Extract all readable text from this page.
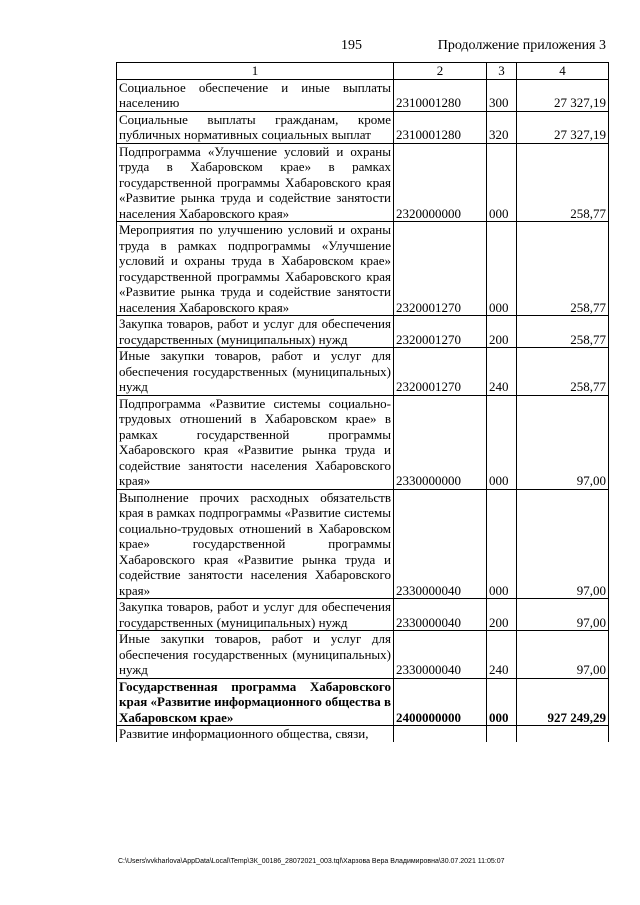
195	Продолжение приложения 3
1	2	3	4
Социальное обеспечение и иные выплаты населению	2310001280	300	27 327,19
Социальные выплаты гражданам, кроме публичных нормативных социальных выплат	2310001280	320	27 327,19
Подпрограмма «Улучшение условий и охраны труда в Хабаровском крае» в рамках государственной программы Хабаровского края «Развитие рынка труда и содействие занятости населения Хабаровского края»	2320000000	000	258,77
Мероприятия по улучшению условий и охраны труда в рамках подпрограммы «Улучшение условий и охраны труда в Хабаровском крае» государственной программы Хабаровского края «Развитие рынка труда и содействие занятости населения Хабаровского края»	2320001270	000	258,77
Закупка товаров, работ и услуг для обеспечения государственных (муниципальных) нужд	2320001270	200	258,77
Иные закупки товаров, работ и услуг для обеспечения государственных (муниципальных) нужд	2320001270	240	258,77
Подпрограмма «Развитие системы социально-трудовых отношений в Хабаровском крае» в рамках государственной программы Хабаровского края «Развитие рынка труда и содействие занятости населения Хабаровского края»	2330000000	000	97,00
Выполнение прочих расходных обязательств края в рамках подпрограммы «Развитие системы социально-трудовых отношений в Хабаровском крае» государственной программы Хабаровского края «Развитие рынка труда и содействие занятости населения Хабаровского края»	2330000040	000	97,00
Закупка товаров, работ и услуг для обеспечения государственных (муниципальных) нужд	2330000040	200	97,00
Иные закупки товаров, работ и услуг для обеспечения государственных (муниципальных) нужд	2330000040	240	97,00
Государственная программа Хабаровского края «Развитие информационного общества в Хабаровском крае»	2400000000	000	927 249,29
Развитие информационного общества, связи,			
C:\Users\vvkharlova\AppData\Local\Temp\ЗК_00186_28072021_003.tql\Харзова Вера Владимировна\30.07.2021 11:05:07
